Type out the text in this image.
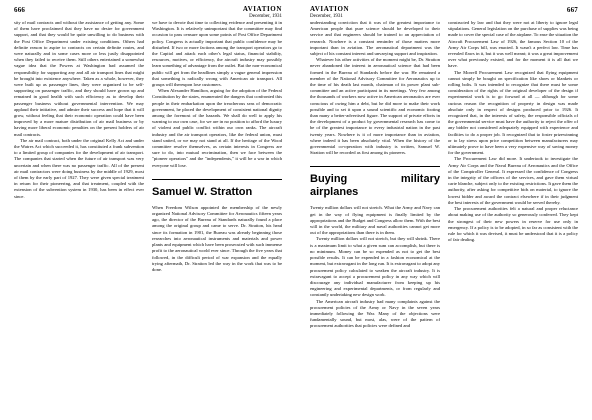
666	AVIATION
December, 1931

sity of mail contracts and without the assistance of getting any. Some of them have proclaimed that they have no desire for government support, and that they would be quite unwilling to do business with the Post Office Department under existing conditions. Others had definite reason to aspire to contracts on certain definite routes, and were naturally and in some cases more or less justly disappointed when they failed to receive them. Still others entertained a somewhat vague idea that the Powers at Washington had assumed the responsibility for supporting any and all air transport lines that might be brought into existence anywhere. Taken as a whole, however, they were built up as passenger lines, they were organized to be self-supporting on passenger traffic, and they should have grown up and remained in good health with such efficiency as to develop their passenger business without governmental intervention. We may applaud their initiative, and admire their success and hope that it will grow, without feeling that their economic operation could have been improved by a more mature distribution of air mail business or by having more liberal economic penalties on the present holders of air mail contracts.

The air mail contract, both under the original Kelly Act and under the Watres Act which succeeded it, has constituted a frank subvention to a limited group of companies for the development of air transport. The companies that started when the future of air transport was very uncertain and when there was no passenger traffic. All of the present air mail contractors were doing business by the middle of 1929, most of them by the early part of 1927. They were given special treatment in return for their pioneering, and that treatment, coupled with the extension of the subvention system in 1930, has been in effect ever since.

we have to devote that time to collecting evidence and presenting it in Washington. It is relatively unimportant that the committee may find occasion to pass censure upon some points of Post Office Department policy. Congress is actually important that public confidence may be disturbed. If two or more factions among the transport operators go to the Capitol and attack each other's legal status, financial stability, resources, motives, or efficiency, the aircraft industry may possibly learn something of advantage from the outlet. But the non-economical public will get from the headlines simply a vague general impression that something is radically wrong with American air transport. All groups will thereupon lose customers.

When Alexander Hamilton, arguing for the adoption of the Federal Constitution by the states, enumerated the dangers that confronted this people in their embarkation upon the treacherous seas of democratic government, he placed the development of consistent national dignity among the foremost of the hazards. We shall do well to apply his warning to our own case, for we are in no position to afford the luxury of violent and public conflict within our own ranks. The aircraft industry and the air transport operators, like the federal union, must stand united, or we may not stand at all. If the heritage of the Wood committee resolve themselves, as certain interests in Congress are sure to do, into mutual recrimination, then we face between the "pioneer operators" and the "independents," it will be a war in which everyone will lose.

Samuel W. Stratton

When Freedom Wilson appointed the membership of the newly organized National Advisory Committee for Aeronautics fifteen years ago, the director of the Bureau of Standards naturally found a place among the original group and came to serve. Dr. Stratton, his head since its formation in 1901, the Bureau was already beginning those researches into aeronautical instruments and materials and power plants and equipment which have been prosecuted with such immense profit to the aeronautical world ever since. Through the five years that followed, in the difficult period of war expansion and the equally trying aftermath, Dr. Stratton led the way in the work that was to be done.

AVIATION
December, 1931
667

understanding conviction that it was of the greatest importance to American people that pure science should be developed to their service and that engineers should be trained to an appreciation of research. Nowhere is a constant reminder of those matters more important than in aviation. The aeronautical department was the subject of his constant interest and unvarying support and inspiration.

Whatever his other activities of the moment might be, Dr. Stratton never abandoned the interest in aeronautical science that had been formed in the Bureau of Standards before the war. He remained a member of the National Advisory Committee for Aeronautics up to the time of his death last month, chairman of its power plant sub-committee and an active participant in its meetings. Very few among the thousands of workers now active in American aeronautics are ever conscious of owing him a debt, but he did more to make their work possible and to set it upon a sound scientific and economic footing than many a better-advertised figure. The support of private efforts in the development of a product by governmental research has come to be of the greatest importance to every industrial nation in the past twenty years. Nowhere is it of more importance than in aviation, where indeed it has been absolutely vital. When the history of the governmental co-operation with industry is written, Samuel W. Stratton will be recorded as first among its pioneers.

Buying military airplanes

Twenty million dollars will not stretch. What the Army and Navy can get in the way of flying equipment is finally limited by the appropriations and the Budget and Congress allow them. With the best will in the world, the military and naval authorities cannot get more out of the appropriations than there is in them.

Twenty million dollars will not stretch, but they will shrink. There is a maximum limit to what a given sum can accomplish, but there is no minimum. Money can be so expended as not to get the best possible results. It can be expended in a fashion economical at the moment, but extravagant in the long run. It is extravagant to adopt any procurement policy calculated to weaken the aircraft industry. It is extravagant to accept a procurement policy in any way which will discourage any individual manufacturer from keeping up his engineering and experimental departments, or from regularly and constantly undertaking new design work.

The American aircraft industry had many complaints against the procurement policies of the Army or Navy in the seven years immediately following the War. Many of the objections were fundamentally sound, but most, alas, were of the pattern of procurement authorities that policies were defined and

constructed by law and that they were not at liberty to ignore legal stipulations. General legislation on the purchase of supplies was being made to cover the special case of the airplane. To ease the situation the Aircraft Procurement Law of 1926, the famous Section 10 of the Army Air Corps bill, was enacted. It wasn't a perfect law. Time has revealed flaws in it, but it was well meant; it was a great improvement over what previously existed, and for the moment it is all that we have.

The Morrell Procurement Law recognized that flying equipment cannot simply be bought on specification like shoes or blankets or rolling bolts. It was intended to recognize that there must be some consideration of the rights of the original developer of the design if experimental work is to go forward at all — although for some curious reason the recognition of property in design was made absolute only in respect of designs produced prior to 1926. It recognized that, in the interests of safety, the responsible officials of the governmental service must have the authority to reject the offer of any bidder not considered adequately equipped with experience and facilities to do a proper job. It recognized that to foster prizewinning or to lay stress upon price competition between manufacturers may ultimately prove to have been a very expensive way of saving money for the government.

The Procurement Law did more. It undertook to investigate the Army Air Corps and the Naval Bureau of Aeronautics and the Office of the Comptroller General. It expressed the confidence of Congress in the integrity of the officers of the services, and gave them virtual carte blanche, subject only to the existing restrictions. It gave them the authority, after asking for competitive bids on material, to ignore the lowest bidder and award the contract elsewhere if in their judgment the best interests of the government would be served thereby.

The procurement authorities felt a natural and proper reluctance about making use of the authority so generously conferred. They kept the strongest of their new powers in reserve for use only in emergency. If a policy is to be adopted, in so far as consistent with the rule for which it was devised, it must be understood that it is a policy of fair dealing.
